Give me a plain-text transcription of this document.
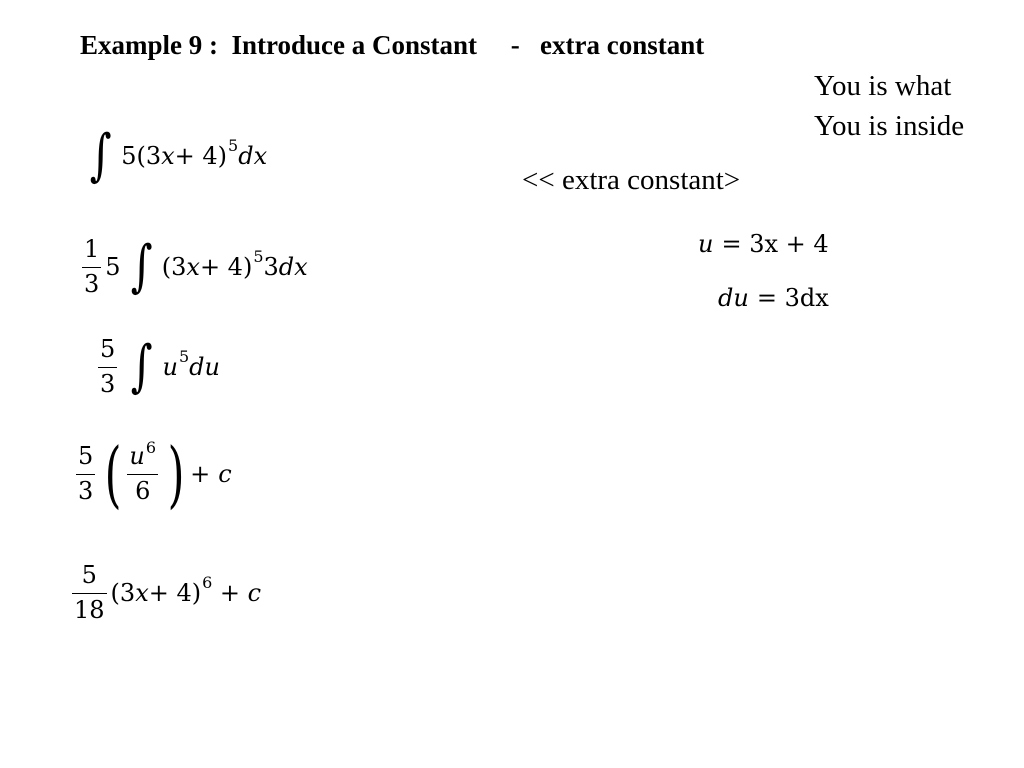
Example 9 :  Introduce a Constant     -   extra constant
You is what
You is inside
<< extra constant>
u = 3x + 4
du = 3dx
∫ 5(3 x + 4) 5 dx
$\frac{1}{3} 5$ ∫ (3 x + 4) 5 3 dx
$\frac{5}{3}$ ∫ u 5 du
$\frac{5}{3}$ ( $\frac{u^6}{6}$ ) + c
$\frac{5}{18} (3$ x + 4) 6 + c
